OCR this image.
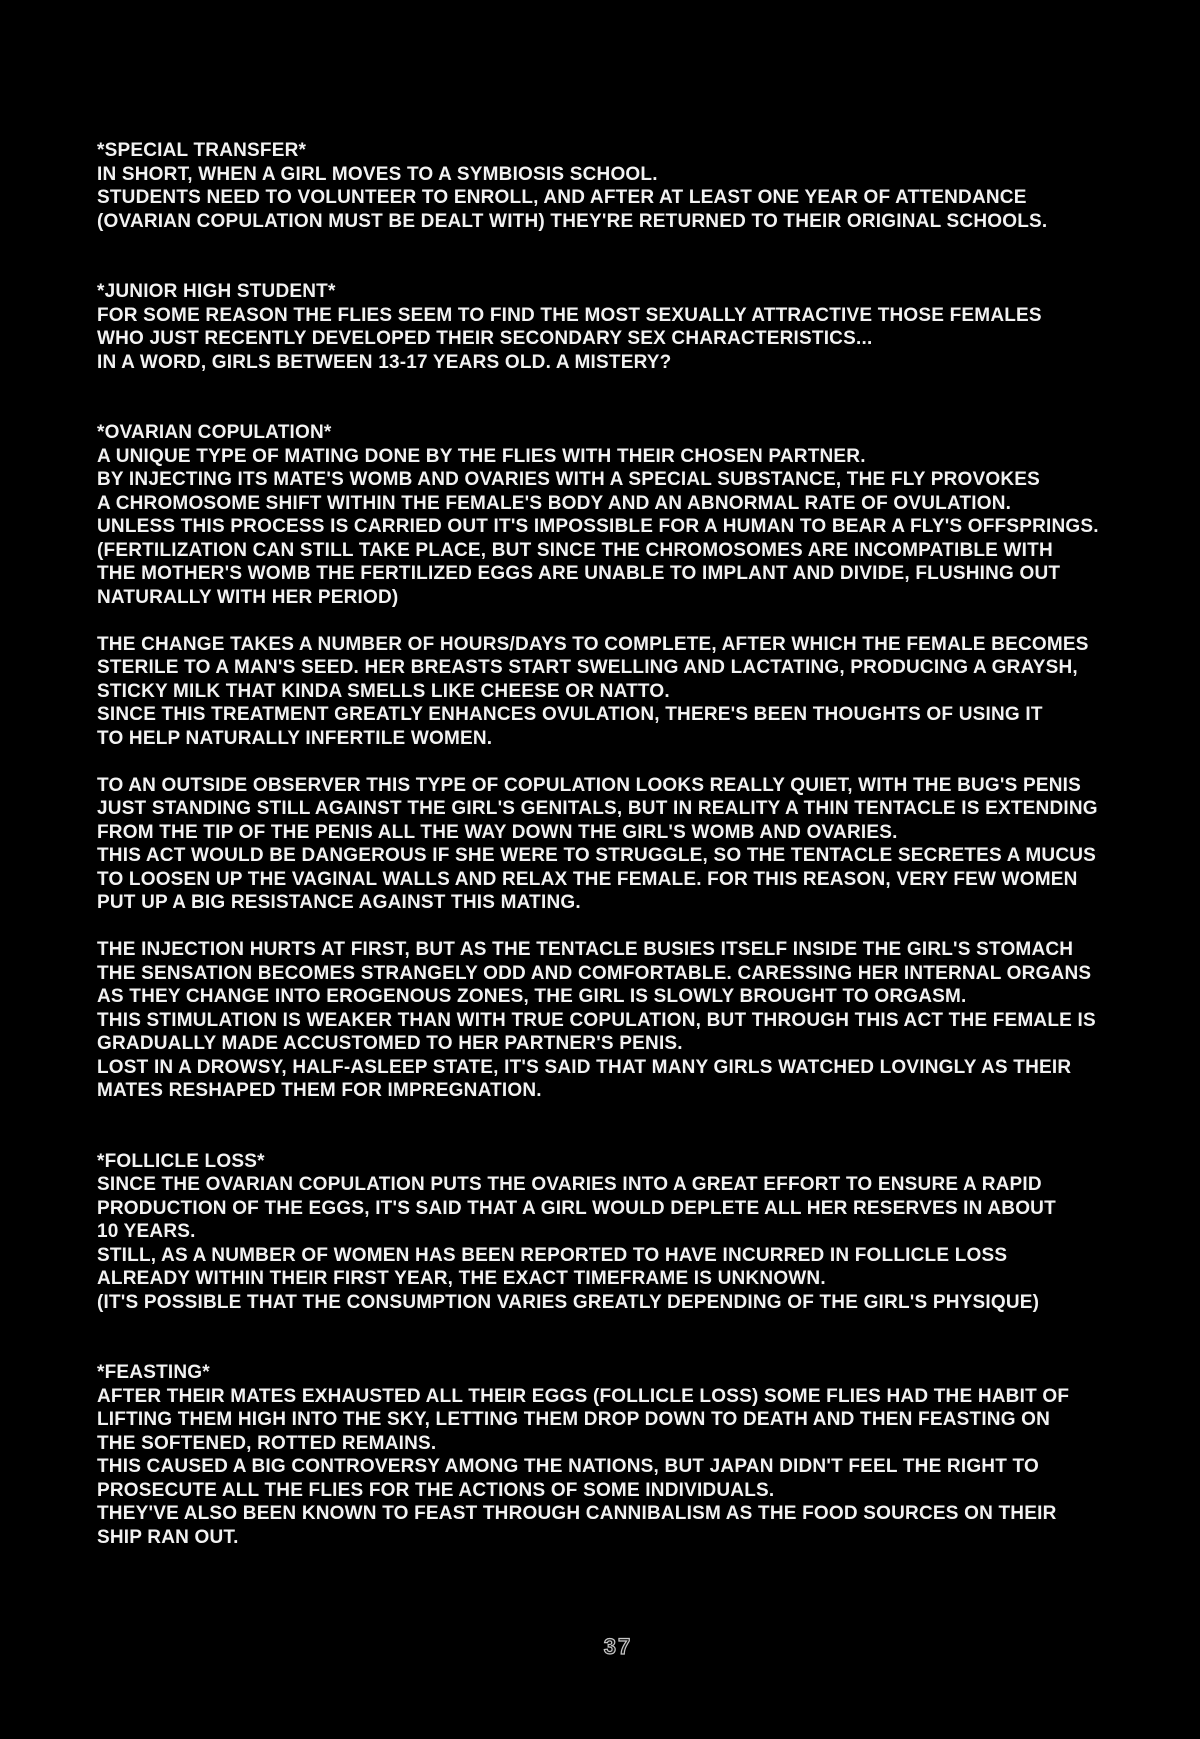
*SPECIAL TRANSFER*
IN SHORT, WHEN A GIRL MOVES TO A SYMBIOSIS SCHOOL.
STUDENTS NEED TO VOLUNTEER TO ENROLL, AND AFTER AT LEAST ONE YEAR OF ATTENDANCE
(OVARIAN COPULATION MUST BE DEALT WITH) THEY'RE RETURNED TO THEIR ORIGINAL SCHOOLS.
*JUNIOR HIGH STUDENT*
FOR SOME REASON THE FLIES SEEM TO FIND THE MOST SEXUALLY ATTRACTIVE THOSE FEMALES
WHO JUST RECENTLY DEVELOPED THEIR SECONDARY SEX CHARACTERISTICS...
IN A WORD, GIRLS BETWEEN 13-17 YEARS OLD. A MISTERY?
*OVARIAN COPULATION*
A UNIQUE TYPE OF MATING DONE BY THE FLIES WITH THEIR CHOSEN PARTNER.
BY INJECTING ITS MATE'S WOMB AND OVARIES WITH A SPECIAL SUBSTANCE, THE FLY PROVOKES
A CHROMOSOME SHIFT WITHIN THE FEMALE'S BODY AND AN ABNORMAL RATE OF OVULATION.
UNLESS THIS PROCESS IS CARRIED OUT IT'S IMPOSSIBLE FOR A HUMAN TO BEAR A FLY'S OFFSPRINGS.
(FERTILIZATION CAN STILL TAKE PLACE, BUT SINCE THE CHROMOSOMES ARE INCOMPATIBLE WITH
THE MOTHER'S WOMB THE FERTILIZED EGGS ARE UNABLE TO IMPLANT AND DIVIDE, FLUSHING OUT
NATURALLY WITH HER PERIOD)
THE CHANGE TAKES A NUMBER OF HOURS/DAYS TO COMPLETE, AFTER WHICH THE FEMALE BECOMES
STERILE TO A MAN'S SEED. HER BREASTS START SWELLING AND LACTATING, PRODUCING A GRAYSH,
STICKY MILK THAT KINDA SMELLS LIKE CHEESE OR NATTO.
SINCE THIS TREATMENT GREATLY ENHANCES OVULATION, THERE'S BEEN THOUGHTS OF USING IT
TO HELP NATURALLY INFERTILE WOMEN.
TO AN OUTSIDE OBSERVER THIS TYPE OF COPULATION LOOKS REALLY QUIET, WITH THE BUG'S PENIS
JUST STANDING STILL AGAINST THE GIRL'S GENITALS, BUT IN REALITY A THIN TENTACLE IS EXTENDING
FROM THE TIP OF THE PENIS ALL THE WAY DOWN THE GIRL'S WOMB AND OVARIES.
THIS ACT WOULD BE DANGEROUS IF SHE WERE TO STRUGGLE, SO THE TENTACLE SECRETES A MUCUS
TO LOOSEN UP THE VAGINAL WALLS AND RELAX THE FEMALE. FOR THIS REASON, VERY FEW WOMEN
PUT UP A BIG RESISTANCE AGAINST THIS MATING.
THE INJECTION HURTS AT FIRST, BUT AS THE TENTACLE BUSIES ITSELF INSIDE THE GIRL'S STOMACH
THE SENSATION BECOMES STRANGELY ODD AND COMFORTABLE. CARESSING HER INTERNAL ORGANS
AS THEY CHANGE INTO EROGENOUS ZONES, THE GIRL IS SLOWLY BROUGHT TO ORGASM.
THIS STIMULATION IS WEAKER THAN WITH TRUE COPULATION, BUT THROUGH THIS ACT THE FEMALE IS
GRADUALLY MADE ACCUSTOMED TO HER PARTNER'S PENIS.
LOST IN A DROWSY, HALF-ASLEEP STATE, IT'S SAID THAT MANY GIRLS WATCHED LOVINGLY AS THEIR
MATES RESHAPED THEM FOR IMPREGNATION.
*FOLLICLE LOSS*
SINCE THE OVARIAN COPULATION PUTS THE OVARIES INTO A GREAT EFFORT TO ENSURE A RAPID
PRODUCTION OF THE EGGS, IT'S SAID THAT A GIRL WOULD DEPLETE ALL HER RESERVES IN ABOUT
10 YEARS.
STILL, AS A NUMBER OF WOMEN HAS BEEN REPORTED TO HAVE INCURRED IN FOLLICLE LOSS
ALREADY WITHIN THEIR FIRST YEAR, THE EXACT TIMEFRAME IS UNKNOWN.
(IT'S POSSIBLE THAT THE CONSUMPTION VARIES GREATLY DEPENDING OF THE GIRL'S PHYSIQUE)
*FEASTING*
AFTER THEIR MATES EXHAUSTED ALL THEIR EGGS (FOLLICLE LOSS) SOME FLIES HAD THE HABIT OF
LIFTING THEM HIGH INTO THE SKY, LETTING THEM DROP DOWN TO DEATH AND THEN FEASTING ON
THE SOFTENED, ROTTED REMAINS.
THIS CAUSED A BIG CONTROVERSY AMONG THE NATIONS, BUT JAPAN DIDN'T FEEL THE RIGHT TO
PROSECUTE ALL THE FLIES FOR THE ACTIONS OF SOME INDIVIDUALS.
THEY'VE ALSO BEEN KNOWN TO FEAST THROUGH CANNIBALISM AS THE FOOD SOURCES ON THEIR
SHIP RAN OUT.
37
